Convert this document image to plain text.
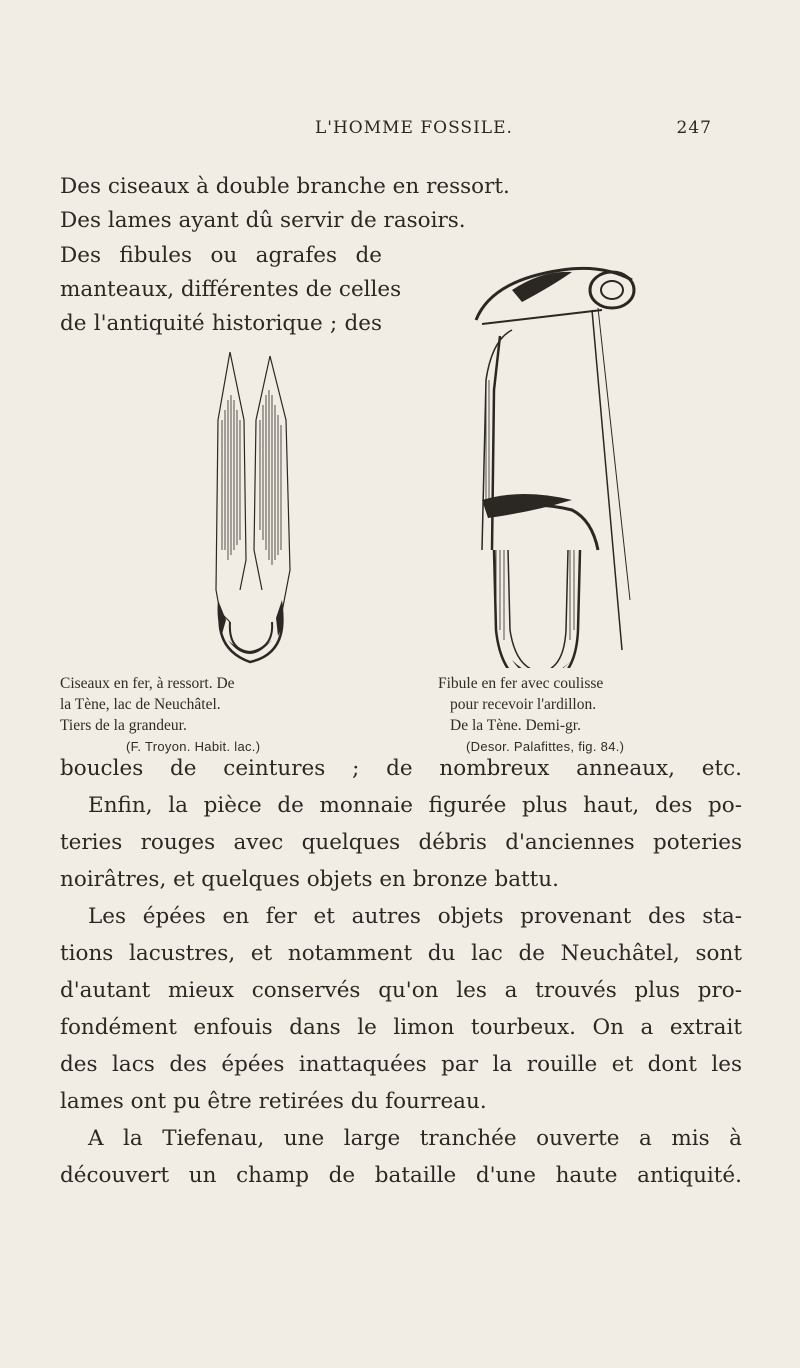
L'HOMME FOSSILE.	247
Des ciseaux à double branche en ressort.
Des lames ayant dû servir de rasoirs.
Des fibules ou agrafes de
manteaux, différentes de celles
de l'antiquité historique ; des
Ciseaux en fer, à ressort. De
la Tène, lac de Neuchâtel.
Tiers de la grandeur.
(F. Troyon. Habit. lac.)
Fibule en fer avec coulisse
pour recevoir l'ardillon.
De la Tène. Demi-gr.
(Desor. Palafittes, fig. 84.)
boucles de ceintures ; de nombreux anneaux, etc.
Enfin, la pièce de monnaie figurée plus haut, des po-
teries rouges avec quelques débris d'anciennes poteries
noirâtres, et quelques objets en bronze battu.
Les épées en fer et autres objets provenant des sta-
tions lacustres, et notamment du lac de Neuchâtel, sont
d'autant mieux conservés qu'on les a trouvés plus pro-
fondément enfouis dans le limon tourbeux. On a extrait
des lacs des épées inattaquées par la rouille et dont les
lames ont pu être retirées du fourreau.
A la Tiefenau, une large tranchée ouverte a mis à
découvert un champ de bataille d'une haute antiquité.
